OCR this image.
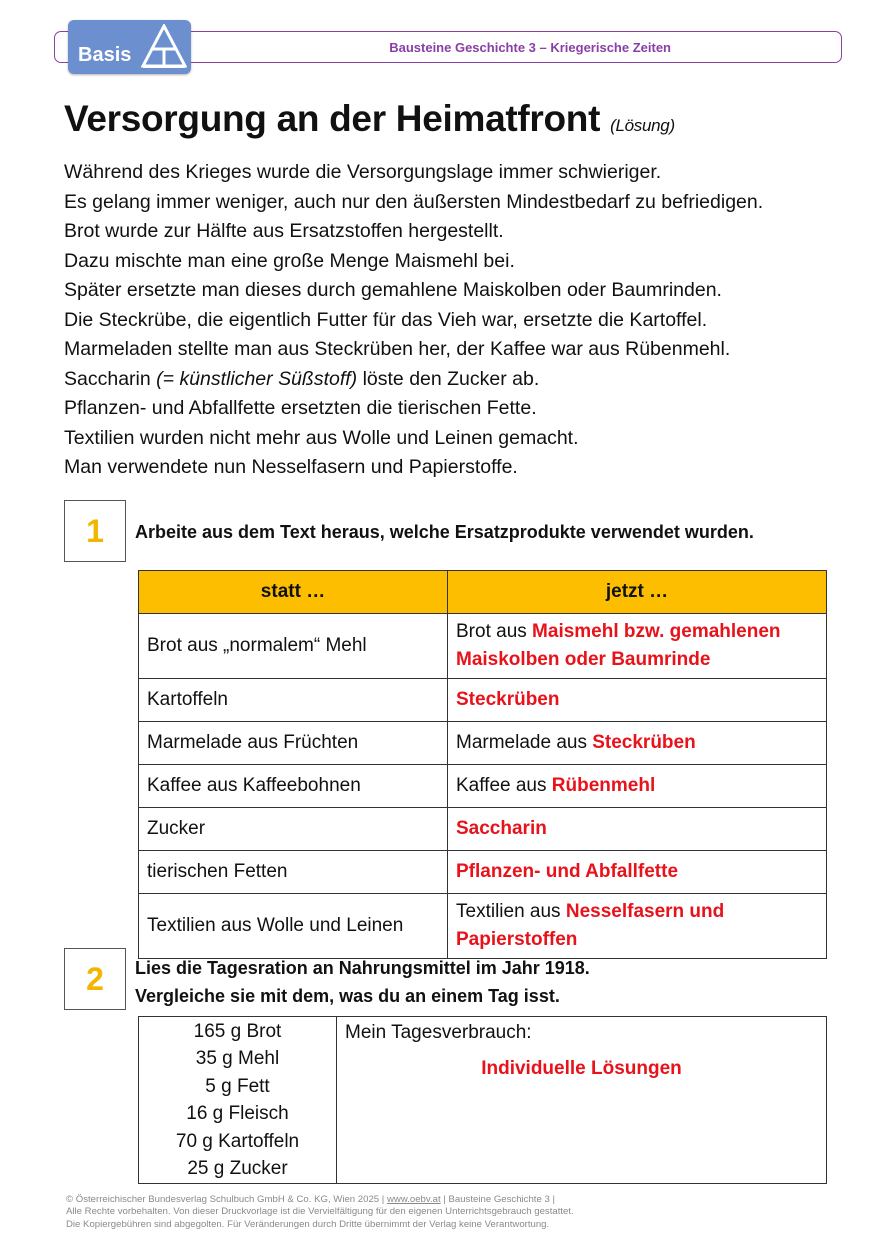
Bausteine Geschichte 3 – Kriegerische Zeiten
Basis
Versorgung an der Heimatfront (Lösung)
Während des Krieges wurde die Versorgungslage immer schwieriger.
Es gelang immer weniger, auch nur den äußersten Mindestbedarf zu befriedigen.
Brot wurde zur Hälfte aus Ersatzstoffen hergestellt.
Dazu mischte man eine große Menge Maismehl bei.
Später ersetzte man dieses durch gemahlene Maiskolben oder Baumrinden.
Die Steckrübe, die eigentlich Futter für das Vieh war, ersetzte die Kartoffel.
Marmeladen stellte man aus Steckrüben her, der Kaffee war aus Rübenmehl.
Saccharin (= künstlicher Süßstoff) löste den Zucker ab.
Pflanzen- und Abfallfette ersetzten die tierischen Fette.
Textilien wurden nicht mehr aus Wolle und Leinen gemacht.
Man verwendete nun Nesselfasern und Papierstoffe.
1	Arbeite aus dem Text heraus, welche Ersatzprodukte verwendet wurden.
statt …	jetzt …
Brot aus „normalem“ Mehl	Brot aus Maismehl bzw. gemahlenen
Maiskolben oder Baumrinde
Kartoffeln	Steckrüben
Marmelade aus Früchten	Marmelade aus Steckrüben
Kaffee aus Kaffeebohnen	Kaffee aus Rübenmehl
Zucker	Saccharin
tierischen Fetten	Pflanzen- und Abfallfette
Textilien aus Wolle und Leinen	Textilien aus Nesselfasern und
Papierstoffen
2	Lies die Tagesration an Nahrungsmittel im Jahr 1918.
Vergleiche sie mit dem, was du an einem Tag isst.
165 g Brot
35 g Mehl
5 g Fett
16 g Fleisch
70 g Kartoffeln
25 g Zucker

Mein Tagesverbrauch:
Individuelle Lösungen
© Österreichischer Bundesverlag Schulbuch GmbH & Co. KG, Wien 2025 | www.oebv.at | Bausteine Geschichte 3 |
Alle Rechte vorbehalten. Von dieser Druckvorlage ist die Vervielfältigung für den eigenen Unterrichtsgebrauch gestattet.
Die Kopiergebühren sind abgegolten. Für Veränderungen durch Dritte übernimmt der Verlag keine Verantwortung.
